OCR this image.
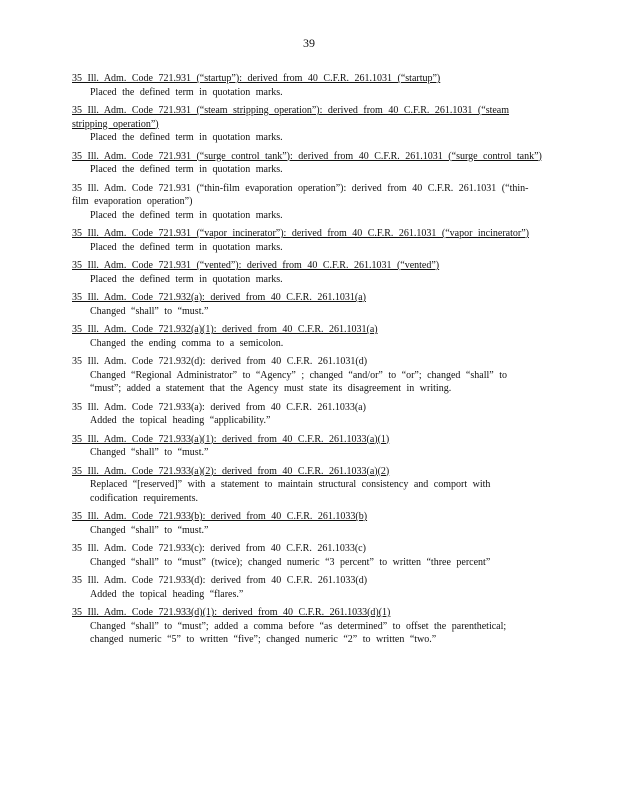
39
35 Ill. Adm. Code 721.931 (“startup”): derived from 40 C.F.R. 261.1031 (“startup”)
Placed the defined term in quotation marks.
35 Ill. Adm. Code 721.931 (“steam stripping operation”): derived from 40 C.F.R. 261.1031 (“steam stripping operation”)
Placed the defined term in quotation marks.
35 Ill. Adm. Code 721.931 (“surge control tank”): derived from 40 C.F.R. 261.1031 (“surge control tank”)
Placed the defined term in quotation marks.
35 Ill. Adm. Code 721.931 (“thin-film evaporation operation”): derived from 40 C.F.R. 261.1031 (“thin-film evaporation operation”)
Placed the defined term in quotation marks.
35 Ill. Adm. Code 721.931 (“vapor incinerator”): derived from 40 C.F.R. 261.1031 (“vapor incinerator”)
Placed the defined term in quotation marks.
35 Ill. Adm. Code 721.931 (“vented”): derived from 40 C.F.R. 261.1031 (“vented”)
Placed the defined term in quotation marks.
35 Ill. Adm. Code 721.932(a): derived from 40 C.F.R. 261.1031(a)
Changed “shall” to “must.”
35 Ill. Adm. Code 721.932(a)(1): derived from 40 C.F.R. 261.1031(a)
Changed the ending comma to a semicolon.
35 Ill. Adm. Code 721.932(d): derived from 40 C.F.R. 261.1031(d)
Changed “Regional Administrator” to “Agency” ; changed “and/or” to “or”; changed “shall” to “must”; added a statement that the Agency must state its disagreement in writing.
35 Ill. Adm. Code 721.933(a): derived from 40 C.F.R. 261.1033(a)
Added the topical heading “applicability.”
35 Ill. Adm. Code 721.933(a)(1): derived from 40 C.F.R. 261.1033(a)(1)
Changed “shall” to “must.”
35 Ill. Adm. Code 721.933(a)(2): derived from 40 C.F.R. 261.1033(a)(2)
Replaced “[reserved]” with a statement to maintain structural consistency and comport with codification requirements.
35 Ill. Adm. Code 721.933(b): derived from 40 C.F.R. 261.1033(b)
Changed “shall” to “must.”
35 Ill. Adm. Code 721.933(c): derived from 40 C.F.R. 261.1033(c)
Changed “shall” to “must” (twice); changed numeric “3 percent” to written “three percent”
35 Ill. Adm. Code 721.933(d): derived from 40 C.F.R. 261.1033(d)
Added the topical heading “flares.”
35 Ill. Adm. Code 721.933(d)(1): derived from 40 C.F.R. 261.1033(d)(1)
Changed “shall” to “must”; added a comma before “as determined” to offset the parenthetical; changed numeric “5” to written “five”; changed numeric “2” to written “two.”
